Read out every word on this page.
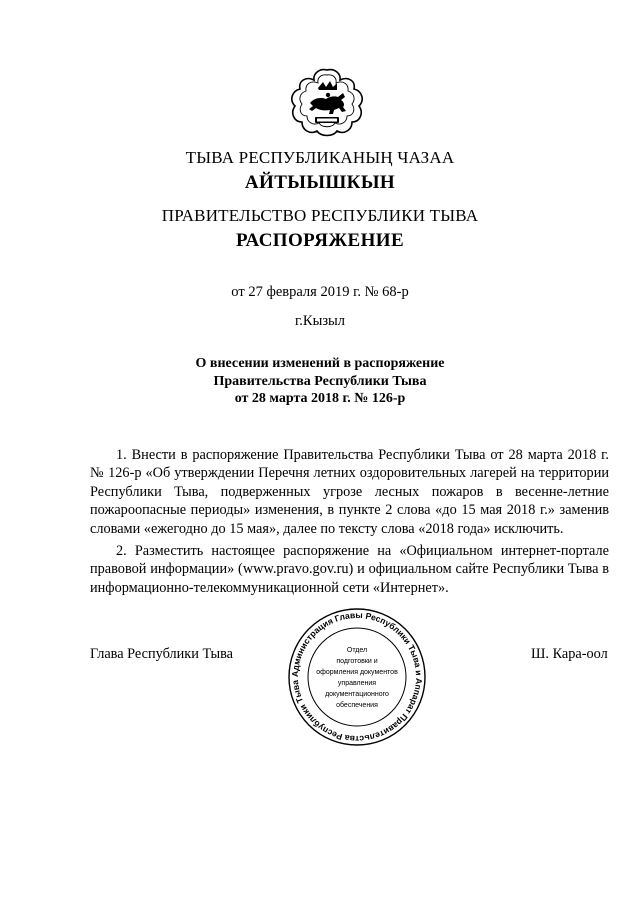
ТЫВА РЕСПУБЛИКАНЫҢ ЧАЗАА
АЙТЫЫШКЫН
ПРАВИТЕЛЬСТВО РЕСПУБЛИКИ ТЫВА
РАСПОРЯЖЕНИЕ
от 27 февраля 2019 г. № 68-р
г.Кызыл
О внесении изменений в распоряжение
Правительства Республики Тыва
от 28 марта 2018 г. № 126-р
1. Внести в распоряжение Правительства Республики Тыва от 28 марта 2018 г. № 126-р «Об утверждении Перечня летних оздоровительных лагерей на территории Республики Тыва, подверженных угрозе лесных пожаров в весенне-летние пожароопасные периоды» изменения, в пункте 2 слова «до 15 мая 2018 г.» заменив словами «ежегодно до 15 мая», далее по тексту слова «2018 года» исключить.
2. Разместить настоящее распоряжение на «Официальном интернет-портале правовой информации» (www.pravo.gov.ru) и официальном сайте Республики Тыва в информационно-телекоммуникационной сети «Интернет».
Глава Республики Тыва	Ш. Кара-оол
Администрация Главы Республики Тыва и Аппарат Правительства Республики Тыва
Отдел
подготовки и
оформления документов
управления
документационного
обеспечения
